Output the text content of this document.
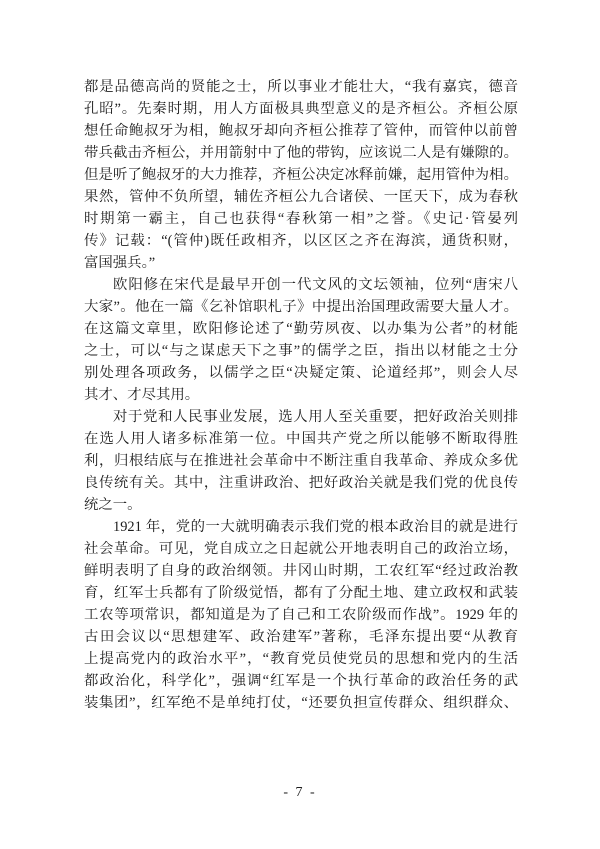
都是品德高尚的贤能之士，所以事业才能壮大，“我有嘉宾，德音
孔昭”。先秦时期，用人方面极具典型意义的是齐桓公。齐桓公原
想任命鲍叔牙为相，鲍叔牙却向齐桓公推荐了管仲，而管仲以前曾
带兵截击齐桓公，并用箭射中了他的带钩，应该说二人是有嫌隙的。
但是听了鲍叔牙的大力推荐，齐桓公决定冰释前嫌，起用管仲为相。
果然，管仲不负所望，辅佐齐桓公九合诸侯、一匡天下，成为春秋
时期第一霸主，自己也获得“春秋第一相”之誉。《史记·管晏列
传》记载：“(管仲)既任政相齐，以区区之齐在海滨，通货积财，
富国强兵。”

欧阳修在宋代是最早开创一代文风的文坛领袖，位列“唐宋八
大家”。他在一篇《乞补馆职札子》中提出治国理政需要大量人才。
在这篇文章里，欧阳修论述了“勤劳夙夜、以办集为公者”的材能
之士，可以“与之谋虑天下之事”的儒学之臣，指出以材能之士分
别处理各项政务，以儒学之臣“决疑定策、论道经邦”，则会人尽
其才、才尽其用。

对于党和人民事业发展，选人用人至关重要，把好政治关则排
在选人用人诸多标准第一位。中国共产党之所以能够不断取得胜
利，归根结底与在推进社会革命中不断注重自我革命、养成众多优
良传统有关。其中，注重讲政治、把好政治关就是我们党的优良传
统之一。

1921 年，党的一大就明确表示我们党的根本政治目的就是进行
社会革命。可见，党自成立之日起就公开地表明自己的政治立场，
鲜明表明了自身的政治纲领。井冈山时期，工农红军“经过政治教
育，红军士兵都有了阶级觉悟，都有了分配土地、建立政权和武装
工农等项常识，都知道是为了自己和工农阶级而作战”。1929 年的
古田会议以“思想建军、政治建军”著称，毛泽东提出要“从教育
上提高党内的政治水平”，“教育党员使党员的思想和党内的生活
都政治化，科学化”，强调“红军是一个执行革命的政治任务的武
装集团”，红军绝不是单纯打仗，“还要负担宣传群众、组织群众、

- 7 -
